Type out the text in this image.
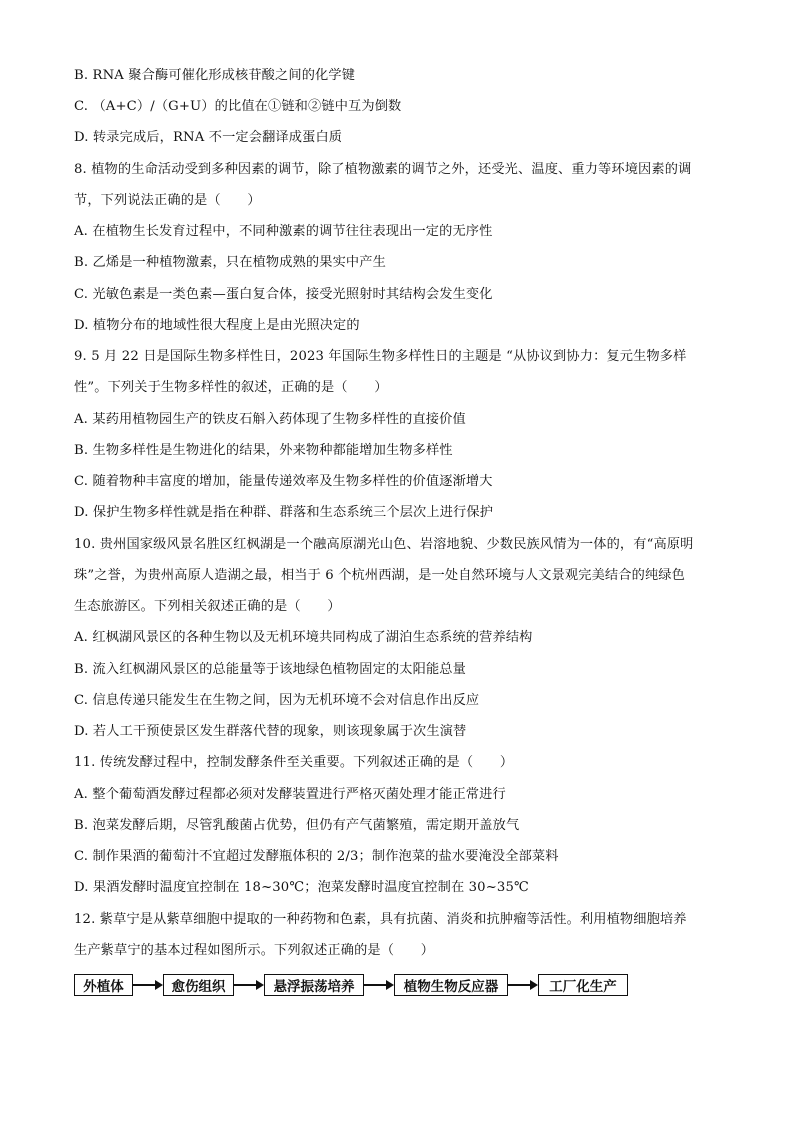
B. RNA 聚合酶可催化形成核苷酸之间的化学键
C. （A+C）/（G+U）的比值在①链和②链中互为倒数
D. 转录完成后，RNA 不一定会翻译成蛋白质
8. 植物的生命活动受到多种因素的调节，除了植物激素的调节之外，还受光、温度、重力等环境因素的调
节，下列说法正确的是（　　）
A. 在植物生长发育过程中，不同种激素的调节往往表现出一定的无序性
B. 乙烯是一种植物激素，只在植物成熟的果实中产生
C. 光敏色素是一类色素—蛋白复合体，接受光照射时其结构会发生变化
D. 植物分布的地域性很大程度上是由光照决定的
9. 5 月 22 日是国际生物多样性日，2023 年国际生物多样性日的主题是 “从协议到协力：复元生物多样
性”。下列关于生物多样性的叙述，正确的是（　　）
A. 某药用植物园生产的铁皮石斛入药体现了生物多样性的直接价值
B. 生物多样性是生物进化的结果，外来物种都能增加生物多样性
C. 随着物种丰富度的增加，能量传递效率及生物多样性的价值逐渐增大
D. 保护生物多样性就是指在种群、群落和生态系统三个层次上进行保护
10. 贵州国家级风景名胜区红枫湖是一个融高原湖光山色、岩溶地貌、少数民族风情为一体的，有“高原明
珠”之誉，为贵州高原人造湖之最，相当于 6 个杭州西湖，是一处自然环境与人文景观完美结合的纯绿色
生态旅游区。下列相关叙述正确的是（　　）
A. 红枫湖风景区的各种生物以及无机环境共同构成了湖泊生态系统的营养结构
B. 流入红枫湖风景区的总能量等于该地绿色植物固定的太阳能总量
C. 信息传递只能发生在生物之间，因为无机环境不会对信息作出反应
D. 若人工干预使景区发生群落代替的现象，则该现象属于次生演替
11. 传统发酵过程中，控制发酵条件至关重要。下列叙述正确的是（　　）
A. 整个葡萄酒发酵过程都必须对发酵装置进行严格灭菌处理才能正常进行
B. 泡菜发酵后期，尽管乳酸菌占优势，但仍有产气菌繁殖，需定期开盖放气
C. 制作果酒的葡萄汁不宜超过发酵瓶体积的 2/3；制作泡菜的盐水要淹没全部菜料
D. 果酒发酵时温度宜控制在 18~30℃；泡菜发酵时温度宜控制在 30~35℃
12. 紫草宁是从紫草细胞中提取的一种药物和色素，具有抗菌、消炎和抗肿瘤等活性。利用植物细胞培养
生产紫草宁的基本过程如图所示。下列叙述正确的是（　　）
外植体	愈伤组织	悬浮振荡培养	植物生物反应器	工厂化生产
